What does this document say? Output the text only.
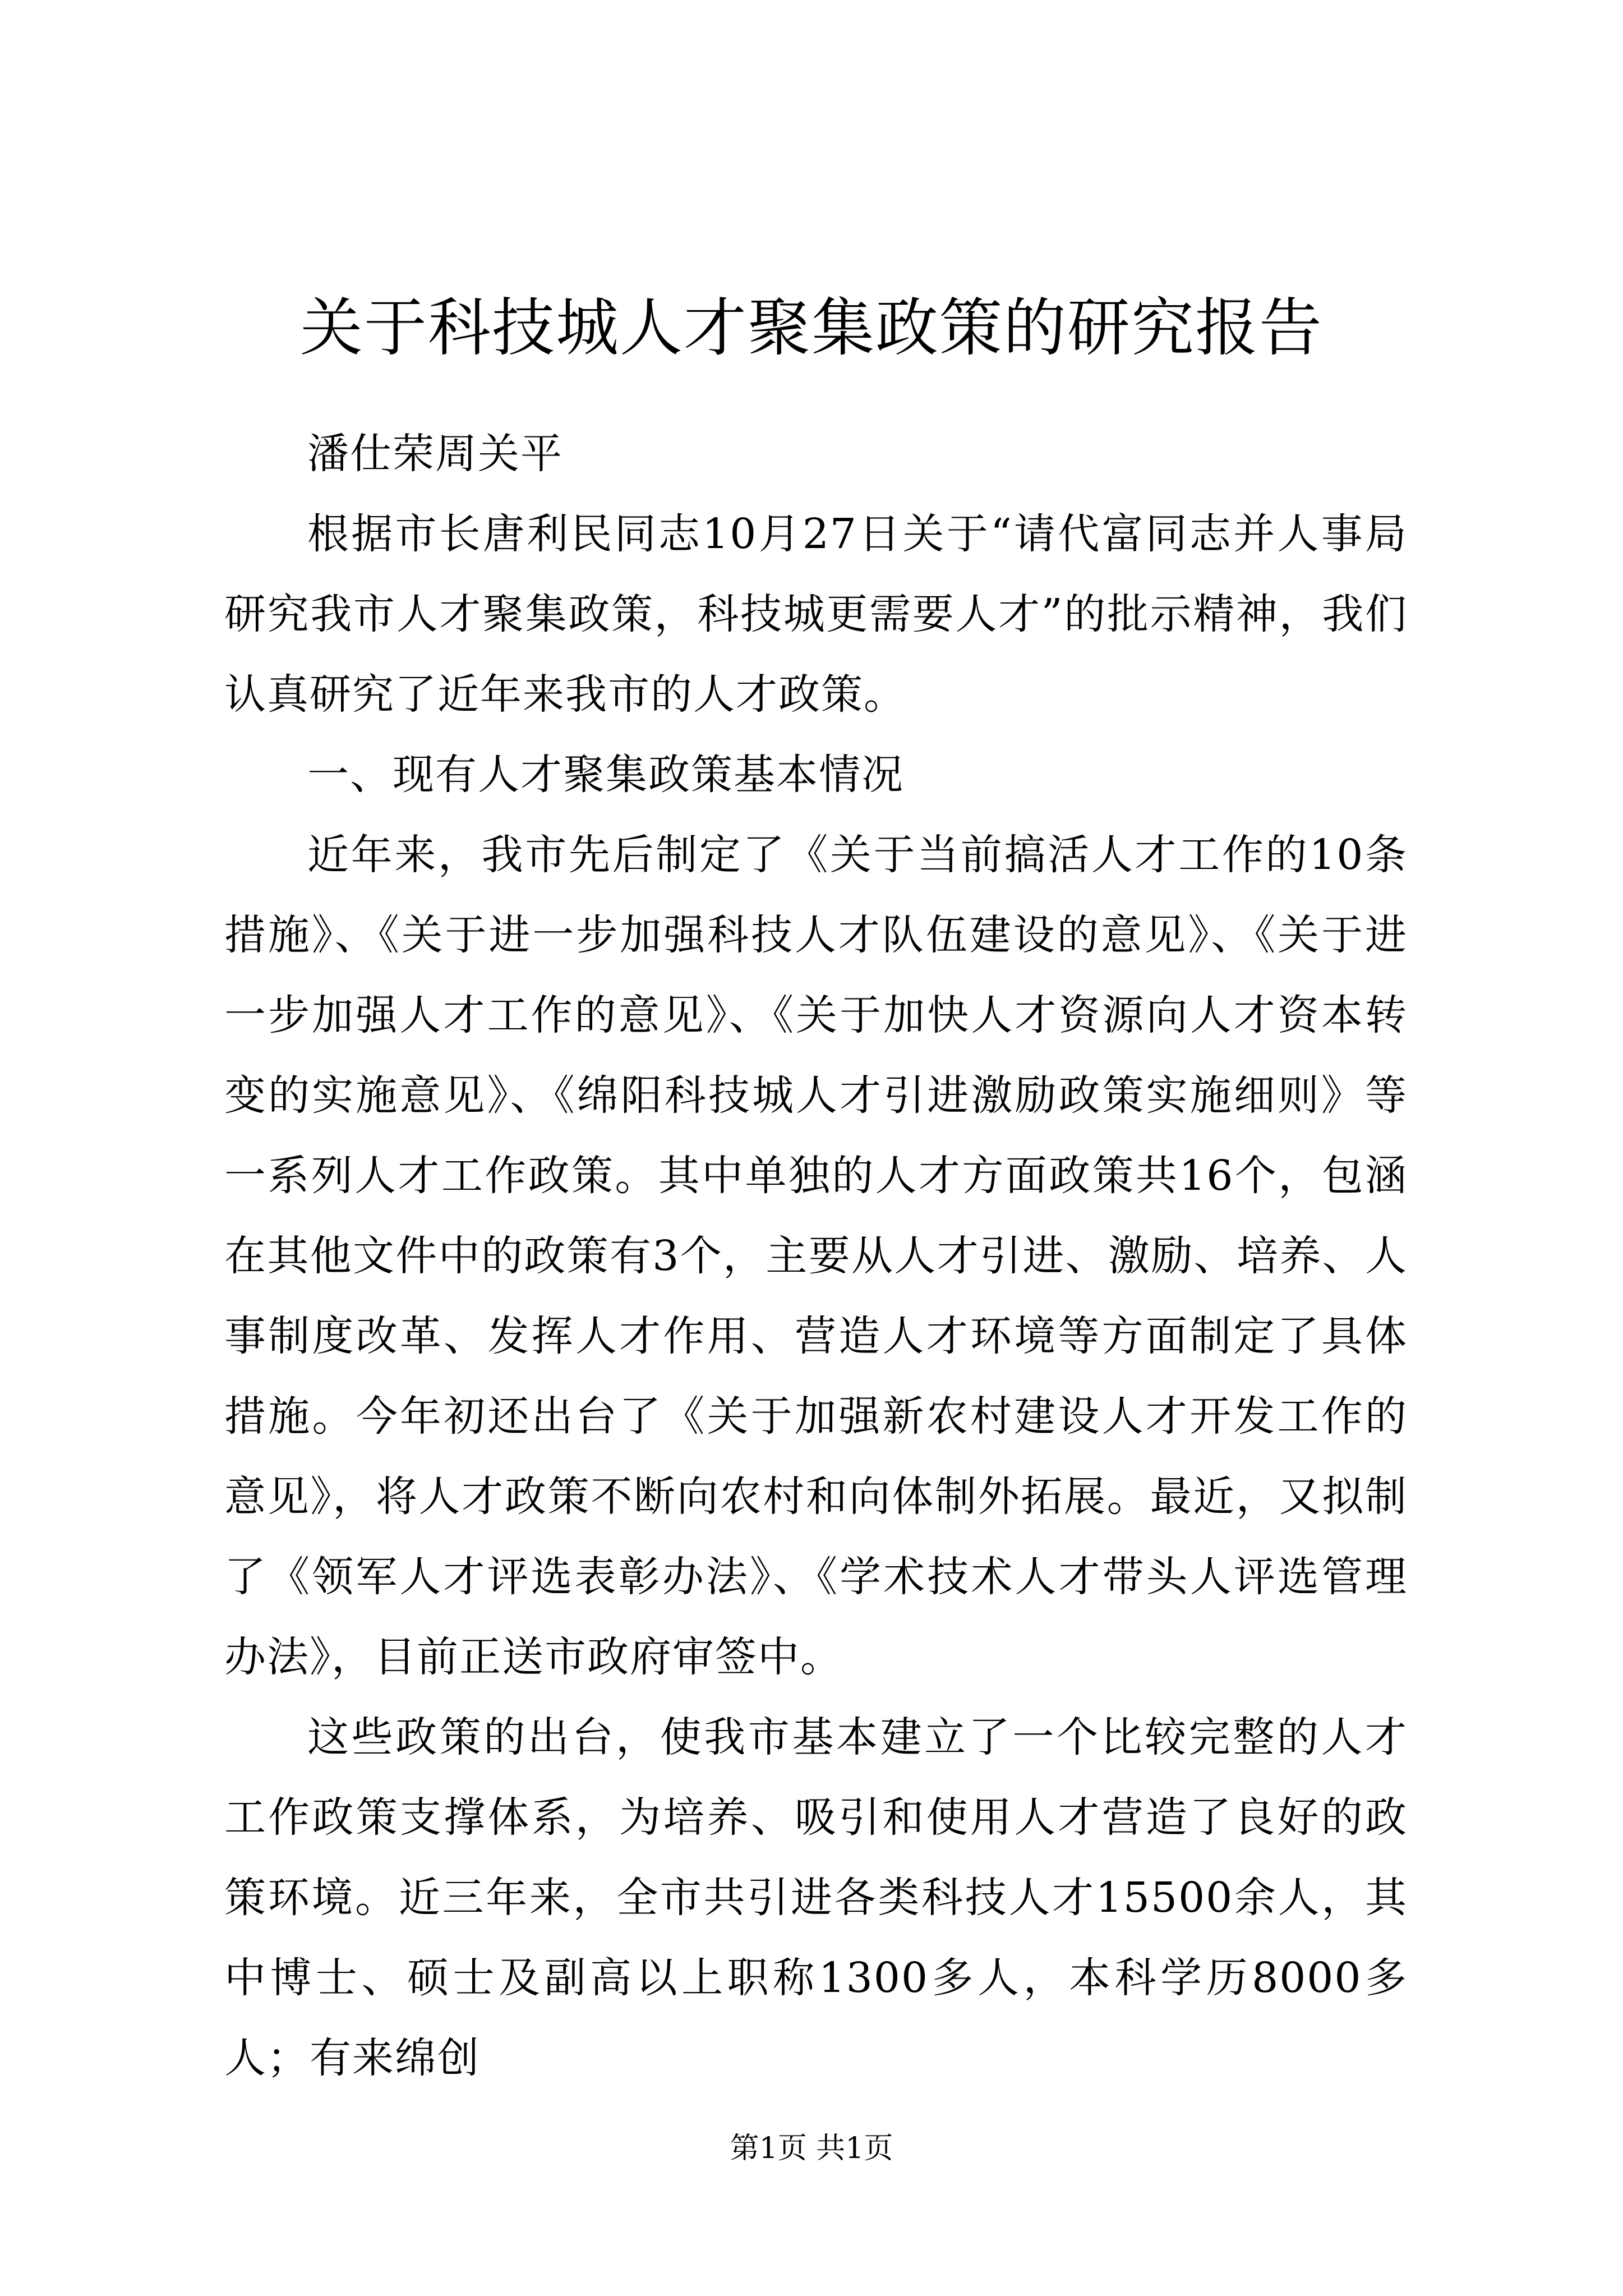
关于科技城人才聚集政策的研究报告

潘仕荣周关平

根据市长唐利民同志10月27日关于“请代富同志并人事局研究我市人才聚集政策，科技城更需要人才”的批示精神，我们认真研究了近年来我市的人才政策。

一、现有人才聚集政策基本情况

近年来，我市先后制定了《关于当前搞活人才工作的10条措施》、《关于进一步加强科技人才队伍建设的意见》、《关于进一步加强人才工作的意见》、《关于加快人才资源向人才资本转变的实施意见》、《绵阳科技城人才引进激励政策实施细则》等一系列人才工作政策。其中单独的人才方面政策共16个，包涵在其他文件中的政策有3个，主要从人才引进、激励、培养、人事制度改革、发挥人才作用、营造人才环境等方面制定了具体措施。今年初还出台了《关于加强新农村建设人才开发工作的意见》，将人才政策不断向农村和向体制外拓展。最近，又拟制了《领军人才评选表彰办法》、《学术技术人才带头人评选管理办法》，目前正送市政府审签中。

这些政策的出台，使我市基本建立了一个比较完整的人才工作政策支撑体系，为培养、吸引和使用人才营造了良好的政策环境。近三年来，全市共引进各类科技人才15500余人，其中博士、硕士及副高以上职称1300多人，本科学历8000多人；有来绵创

第1页 共1页
